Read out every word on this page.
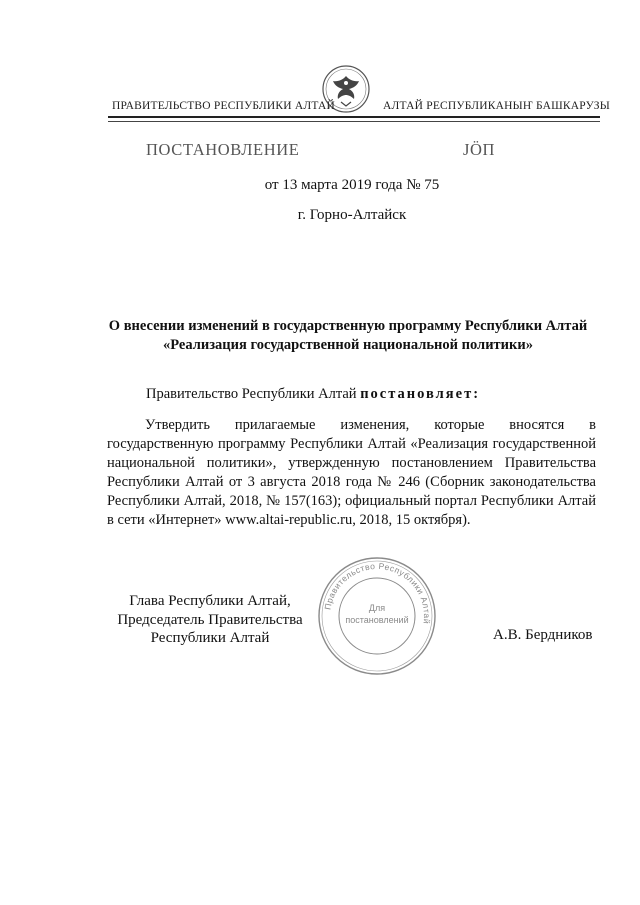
ПРАВИТЕЛЬСТВО РЕСПУБЛИКИ АЛТАЙ	АЛТАЙ РЕСПУБЛИКАНЫҤ БАШКАРУЗЫ
ПОСТАНОВЛЕНИЕ	JÖП
от 13 марта 2019 года № 75
г. Горно-Алтайск
О внесении изменений в государственную программу Республики Алтай «Реализация государственной национальной политики»
Правительство Республики Алтай постановляет:
Утвердить прилагаемые изменения, которые вносятся в государственную программу Республики Алтай «Реализация государственной национальной политики», утвержденную постановлением Правительства Республики Алтай от 3 августа 2018 года № 246 (Сборник законодательства Республики Алтай, 2018, № 157(163); официальный портал Республики Алтай в сети «Интернет» www.altai-republic.ru, 2018, 15 октября).
Глава Республики Алтай,
Председатель Правительства
Республики Алтай	А.В. Бердников
Правительство Республики Алтай
Для
постановлений
